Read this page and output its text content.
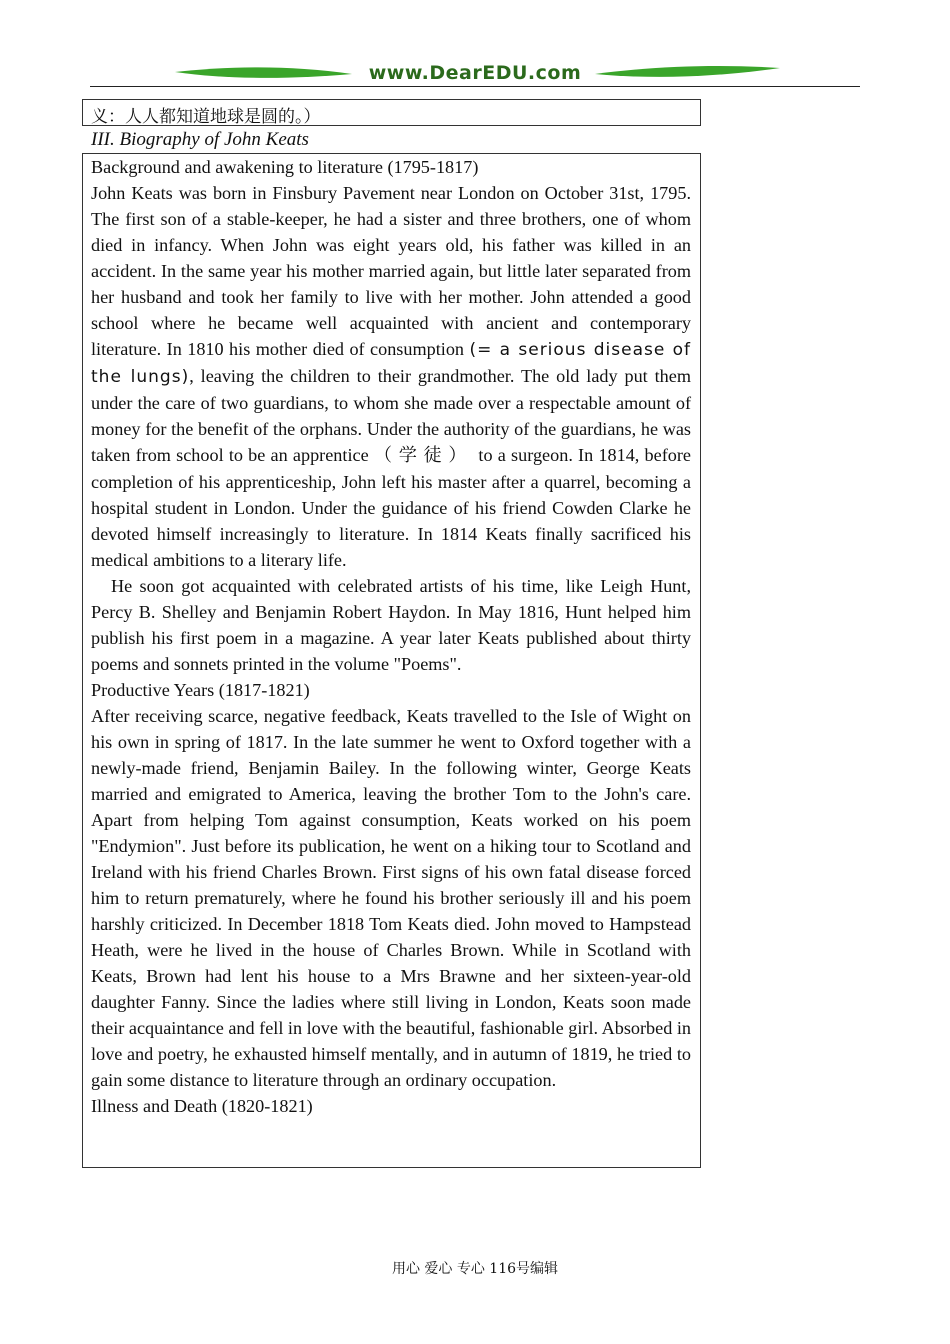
www.DearEDU.com
义：人人都知道地球是圆的。）
III. Biography of John Keats

Background and awakening to literature (1795-1817)

John Keats was born in Finsbury Pavement near London on October 31st, 1795. The first son of a stable-keeper, he had a sister and three brothers, one of whom died in infancy. When John was eight years old, his father was killed in an accident. In the same year his mother married again, but little later separated from her husband and took her family to live with her mother. John attended a good school where he became well acquainted with ancient and contemporary literature. In 1810 his mother died of consumption (= a serious disease of the lungs), leaving the children to their grandmother. The old lady put them under the care of two guardians, to whom she made over a respectable amount of money for the benefit of the orphans. Under the authority of the guardians, he was taken from school to be an apprentice （学徒） to a surgeon. In 1814, before completion of his apprenticeship, John left his master after a quarrel, becoming a hospital student in London. Under the guidance of his friend Cowden Clarke he devoted himself increasingly to literature. In 1814 Keats finally sacrificed his medical ambitions to a literary life.

He soon got acquainted with celebrated artists of his time, like Leigh Hunt, Percy B. Shelley and Benjamin Robert Haydon. In May 1816, Hunt helped him publish his first poem in a magazine. A year later Keats published about thirty poems and sonnets printed in the volume "Poems".

Productive Years (1817-1821)

After receiving scarce, negative feedback, Keats travelled to the Isle of Wight on his own in spring of 1817. In the late summer he went to Oxford together with a newly-made friend, Benjamin Bailey. In the following winter, George Keats married and emigrated to America, leaving the brother Tom to the John's care. Apart from helping Tom against consumption, Keats worked on his poem "Endymion". Just before its publication, he went on a hiking tour to Scotland and Ireland with his friend Charles Brown. First signs of his own fatal disease forced him to return prematurely, where he found his brother seriously ill and his poem harshly criticized. In December 1818 Tom Keats died. John moved to Hampstead Heath, were he lived in the house of Charles Brown. While in Scotland with Keats, Brown had lent his house to a Mrs Brawne and her sixteen-year-old daughter Fanny. Since the ladies where still living in London, Keats soon made their acquaintance and fell in love with the beautiful, fashionable girl. Absorbed in love and poetry, he exhausted himself mentally, and in autumn of 1819, he tried to gain some distance to literature through an ordinary occupation.

Illness and Death (1820-1821)

用心 爱心 专心 116号编辑
